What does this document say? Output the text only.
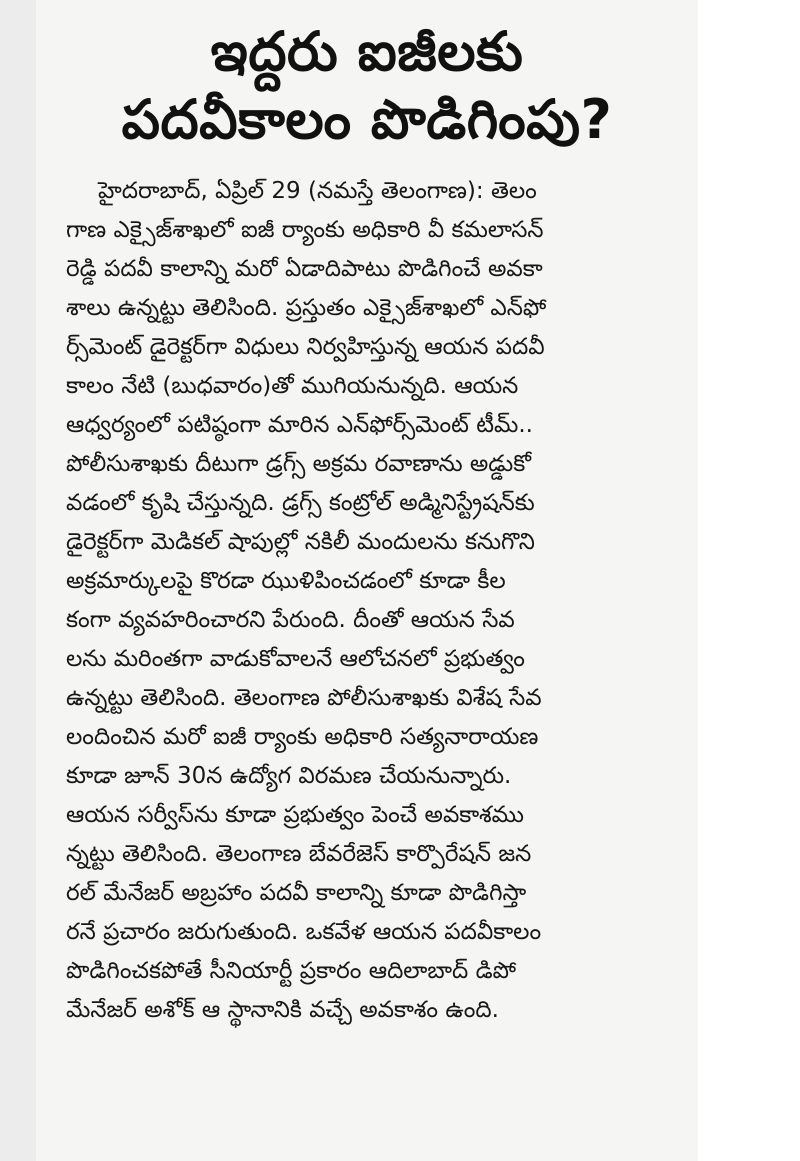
ఇద్దరు ఐజీలకు
పదవీకాలం పొడిగింపు?
హైదరాబాద్, ఏప్రిల్ 29 (నమస్తే తెలంగాణ): తెలం
గాణ ఎక్సైజ్‌శాఖలో ఐజీ ర్యాంకు అధికారి వీ కమలాసన్
రెడ్డి పదవీ కాలాన్ని మరో ఏడాదిపాటు పొడిగించే అవకా
శాలు ఉన్నట్టు తెలిసింది. ప్రస్తుతం ఎక్సైజ్‌శాఖలో ఎన్‌ఫో
ర్స్‌మెంట్ డైరెక్టర్‌గా విధులు నిర్వహిస్తున్న ఆయన పదవీ
కాలం నేటి (బుధవారం)తో ముగియనున్నది. ఆయన
ఆధ్వర్యంలో పటిష్ఠంగా మారిన ఎన్‌ఫోర్స్‌మెంట్ టీమ్..
పోలీసుశాఖకు దీటుగా డ్రగ్స్ అక్రమ రవాణాను అడ్డుకో
వడంలో కృషి చేస్తున్నది. డ్రగ్స్ కంట్రోల్ అడ్మినిస్ట్రేషన్‌కు
డైరెక్టర్‌గా మెడికల్ షాపుల్లో నకిలీ మందులను కనుగొని
అక్రమార్కులపై కొరడా ఝుళిపించడంలో కూడా కీల
కంగా వ్యవహరించారని పేరుంది. దీంతో ఆయన సేవ
లను మరింతగా వాడుకోవాలనే ఆలోచనలో ప్రభుత్వం
ఉన్నట్టు తెలిసింది. తెలంగాణ పోలీసుశాఖకు విశేష సేవ
లందించిన మరో ఐజీ ర్యాంకు అధికారి సత్యనారాయణ
కూడా జూన్ 30న ఉద్యోగ విరమణ చేయనున్నారు.
ఆయన సర్వీస్‌ను కూడా ప్రభుత్వం పెంచే అవకాశము
న్నట్టు తెలిసింది. తెలంగాణ బేవరేజెస్ కార్పొరేషన్ జన
రల్ మేనేజర్ అబ్రహాం పదవీ కాలాన్ని కూడా పొడిగిస్తా
రనే ప్రచారం జరుగుతుంది. ఒకవేళ ఆయన పదవీకాలం
పొడిగించకపోతే సీనియార్టీ ప్రకారం ఆదిలాబాద్ డిపో
మేనేజర్ అశోక్ ఆ స్థానానికి వచ్చే అవకాశం ఉంది.
